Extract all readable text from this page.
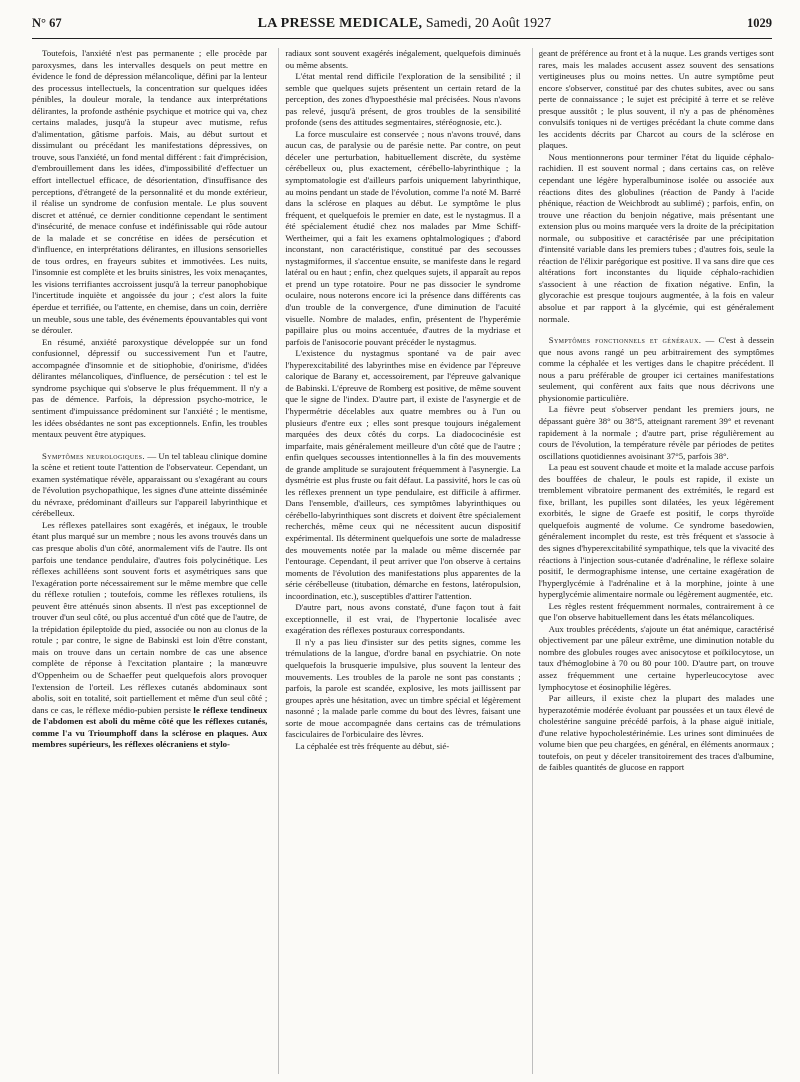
N° 67	LA PRESSE MEDICALE, Samedi, 20 Août 1927	1029

Toutefois, l'anxiété n'est pas permanente ; elle procède par paroxysmes, dans les intervalles desquels on peut mettre en évidence le fond de dépression mélancolique, défini par la lenteur des processus intellectuels, la concentration sur quelques idées pénibles, la douleur morale, la tendance aux interprétations délirantes, la profonde asthénie psychique et motrice qui va, chez certains malades, jusqu'à la stupeur avec mutisme, refus d'alimentation, gâtisme parfois. Mais, au début surtout et dissimulant ou précédant les manifestations dépressives, on trouve, sous l'anxiété, un fond mental différent : fait d'imprécision, d'embrouillement dans les idées, d'impossibilité d'effectuer un effort intellectuel efficace, de désorientation, d'insuffisance des perceptions, d'étrangeté de la personnalité et du monde extérieur, il réalise un syndrome de confusion mentale. Le plus souvent discret et atténué, ce dernier conditionne cependant le sentiment d'insécurité, de menace confuse et indéfinissable qui rôde autour de la malade et se concrétise en idées de persécution et d'influence, en interprétations délirantes, en illusions sensorielles de tous ordres, en frayeurs subites et immotivées. Les nuits, l'insomnie est complète et les bruits sinistres, les voix menaçantes, les visions terrifiantes accroissent jusqu'à la terreur panophobique l'incertitude inquiète et angoissée du jour ; c'est alors la fuite éperdue et terrifiée, ou l'attente, en chemise, dans un coin, derrière un meuble, sous une table, des événements épouvantables qui vont se dérouler.

En résumé, anxiété paroxystique développée sur un fond confusionnel, dépressif ou successivement l'un et l'autre, accompagnée d'insomnie et de sitiophobie, d'onirisme, d'idées délirantes mélancoliques, d'influence, de persécution : tel est le syndrome psychique qui s'observe le plus fréquemment. Il n'y a pas de démence. Parfois, la dépression psycho-motrice, le sentiment d'impuissance prédominent sur l'anxiété ; le mentisme, les idées obsédantes ne sont pas exceptionnels. Enfin, les troubles mentaux peuvent être atypiques.

Symptômes neurologiques. — Un tel tableau clinique domine la scène et retient toute l'attention de l'observateur. Cependant, un examen systématique révèle, apparaissant ou s'exagérant au cours de l'évolution psychopathique, les signes d'une atteinte disséminée du névraxe, prédominant d'ailleurs sur l'appareil labyrinthique et cérébelleux.

Les réflexes patellaires sont exagérés, et inégaux, le trouble étant plus marqué sur un membre ; nous les avons trouvés dans un cas presque abolis d'un côté, anormalement vifs de l'autre. Ils ont parfois une tendance pendulaire, d'autres fois polycinétique. Les réflexes achilléens sont souvent forts et asymétriques sans que l'exagération porte nécessairement sur le même membre que celle du réflexe rotulien ; toutefois, comme les réflexes rotuliens, ils peuvent être atténués sinon absents. Il n'est pas exceptionnel de trouver d'un seul côté, ou plus accentué d'un côté que de l'autre, de la trépidation épileptoïde du pied, associée ou non au clonus de la rotule ; par contre, le signe de Babinski est loin d'être constant, mais on trouve dans un certain nombre de cas une absence complète de réponse à l'excitation plantaire ; la manœuvre d'Oppenheim ou de Schaeffer peut quelquefois alors provoquer l'extension de l'orteil. Les réflexes cutanés abdominaux sont abolis, soit en totalité, soit partiellement et même d'un seul côté ; dans ce cas, le réflexe médio-pubien persiste le réflexe tendineux de l'abdomen est aboli du même côté que les réflexes cutanés, comme l'a vu Trioumphoff dans la sclérose en plaques. Aux membres supérieurs, les réflexes olécraniens et stylo-

radiaux sont souvent exagérés inégalement, quelquefois diminués ou même absents.

L'état mental rend difficile l'exploration de la sensibilité ; il semble que quelques sujets présentent un certain retard de la perception, des zones d'hypoesthésie mal précisées. Nous n'avons pas relevé, jusqu'à présent, de gros troubles de la sensibilité profonde (sens des attitudes segmentaires, stéréognosie, etc.).

La force musculaire est conservée ; nous n'avons trouvé, dans aucun cas, de paralysie ou de parésie nette. Par contre, on peut déceler une perturbation, habituellement discrète, du système cérébelleux ou, plus exactement, cérébello-labyrinthique ; la symptomatologie est d'ailleurs parfois uniquement labyrinthique, au moins pendant un stade de l'évolution, comme l'a noté M. Barré dans la sclérose en plaques au début. Le symptôme le plus fréquent, et quelquefois le premier en date, est le nystagmus. Il a été spécialement étudié chez nos malades par Mme Schiff-Wertheimer, qui a fait les examens ophtalmologiques ; d'abord inconstant, non caractéristique, constitué par des secousses nystagmiformes, il s'accentue ensuite, se manifeste dans le regard latéral ou en haut ; enfin, chez quelques sujets, il apparaît au repos et prend un type rotatoire. Pour ne pas dissocier le syndrome oculaire, nous noterons encore ici la présence dans différents cas d'un trouble de la convergence, d'une diminution de l'acuité visuelle. Nombre de malades, enfin, présentent de l'hyperémie papillaire plus ou moins accentuée, d'autres de la mydriase et parfois de l'anisocorie pouvant précéder le nystagmus.

L'existence du nystagmus spontané va de pair avec l'hyperexcitabilité des labyrinthes mise en évidence par l'épreuve calorique de Barany et, accessoirement, par l'épreuve galvanique de Babinski. L'épreuve de Romberg est positive, de même souvent que le signe de l'index. D'autre part, il existe de l'asynergie et de l'hypermétrie décelables aux quatre membres ou à l'un ou plusieurs d'entre eux ; elles sont presque toujours inégalement marquées des deux côtés du corps. La diadococinésie est imparfaite, mais généralement meilleure d'un côté que de l'autre ; enfin quelques secousses intentionnelles à la fin des mouvements de grande amplitude se surajoutent fréquemment à l'asynergie. La dysmétrie est plus fruste ou fait défaut. La passivité, hors le cas où les réflexes prennent un type pendulaire, est difficile à affirmer. Dans l'ensemble, d'ailleurs, ces symptômes labyrinthiques ou cérébello-labyrinthiques sont discrets et doivent être spécialement recherchés, même ceux qui ne nécessitent aucun dispositif expérimental. Ils déterminent quelquefois une sorte de maladresse des mouvements notée par la malade ou même discernée par l'entourage. Cependant, il peut arriver que l'on observe à certains moments de l'évolution des manifestations plus apparentes de la série cérébelleuse (titubation, démarche en festons, latéropulsion, incoordination, etc.), susceptibles d'attirer l'attention.

D'autre part, nous avons constaté, d'une façon tout à fait exceptionnelle, il est vrai, de l'hypertonie localisée avec exagération des réflexes posturaux correspondants.

Il n'y a pas lieu d'insister sur des petits signes, comme les trémulations de la langue, d'ordre banal en psychiatrie. On note quelquefois la brusquerie impulsive, plus souvent la lenteur des mouvements. Les troubles de la parole ne sont pas constants ; parfois, la parole est scandée, explosive, les mots jaillissent par groupes après une hésitation, avec un timbre spécial et légèrement nasonné ; la malade parle comme du bout des lèvres, faisant une sorte de moue accompagnée dans certains cas de trémulations fasciculaires de l'orbiculaire des lèvres.

La céphalée est très fréquente au début, sié-

geant de préférence au front et à la nuque. Les grands vertiges sont rares, mais les malades accusent assez souvent des sensations vertigineuses plus ou moins nettes. Un autre symptôme peut encore s'observer, constitué par des chutes subites, avec ou sans perte de connaissance ; le sujet est précipité à terre et se relève presque aussitôt ; le plus souvent, il n'y a pas de phénomènes convulsifs toniques ni de vertiges précédant la chute comme dans les accidents décrits par Charcot au cours de la sclérose en plaques.

Nous mentionnerons pour terminer l'état du liquide céphalo-rachidien. Il est souvent normal ; dans certains cas, on relève cependant une légère hyperalbuminose isolée ou associée aux réactions dites des globulines (réaction de Pandy à l'acide phénique, réaction de Weichbrodt au sublimé) ; parfois, enfin, on trouve une réaction du benjoin négative, mais présentant une extension plus ou moins marquée vers la droite de la précipitation normale, ou subpositive et caractérisée par une précipitation d'intensité variable dans les premiers tubes ; d'autres fois, seule la réaction de l'élixir parégorique est positive. Il va sans dire que ces altérations fort inconstantes du liquide céphalo-rachidien s'associent à une réaction de fixation négative. Enfin, la glycorachie est presque toujours augmentée, à la fois en valeur absolue et par rapport à la glycémie, qui est généralement normale.

Symptômes fonctionnels et généraux. — C'est à dessein que nous avons rangé un peu arbitrairement des symptômes comme la céphalée et les vertiges dans le chapitre précédent. Il nous a paru préférable de grouper ici certaines manifestations seulement, qui confèrent aux faits que nous décrivons une physionomie particulière.

La fièvre peut s'observer pendant les premiers jours, ne dépassant guère 38° ou 38°5, atteignant rarement 39° et revenant rapidement à la normale ; d'autre part, prise régulièrement au cours de l'évolution, la température révèle par périodes de petites oscillations quotidiennes avoisinant 37°5, parfois 38°.

La peau est souvent chaude et moite et la malade accuse parfois des bouffées de chaleur, le pouls est rapide, il existe un tremblement vibratoire permanent des extrémités, le regard est fixe, brillant, les pupilles sont dilatées, les yeux légèrement exorbités, le signe de Graefe est positif, le corps thyroïde quelquefois augmenté de volume. Ce syndrome basedowien, généralement incomplet du reste, est très fréquent et s'associe à des signes d'hyperexcitabilité sympathique, tels que la vivacité des réactions à l'injection sous-cutanée d'adrénaline, le réflexe solaire positif, le dermographisme intense, une certaine exagération de l'hyperglycémie à l'adrénaline et à la morphine, jointe à une hyperglycémie alimentaire normale ou légèrement augmentée, etc.

Les règles restent fréquemment normales, contrairement à ce que l'on observe habituellement dans les états mélancoliques.

Aux troubles précédents, s'ajoute un état anémique, caractérisé objectivement par une pâleur extrême, une diminution notable du nombre des globules rouges avec anisocytose et poïkilocytose, un taux d'hémoglobine à 70 ou 80 pour 100. D'autre part, on trouve assez fréquemment une certaine hyperleucocytose avec lymphocytose et éosinophilie légères.

Par ailleurs, il existe chez la plupart des malades une hyperazotémie modérée évoluant par poussées et un taux élevé de cholestérine sanguine précédé parfois, à la phase aiguë initiale, d'une relative hypocholestérinémie. Les urines sont diminuées de volume bien que peu chargées, en général, en éléments anormaux ; toutefois, on peut y déceler transitoirement des traces d'albumine, de faibles quantités de glucose en rapport
